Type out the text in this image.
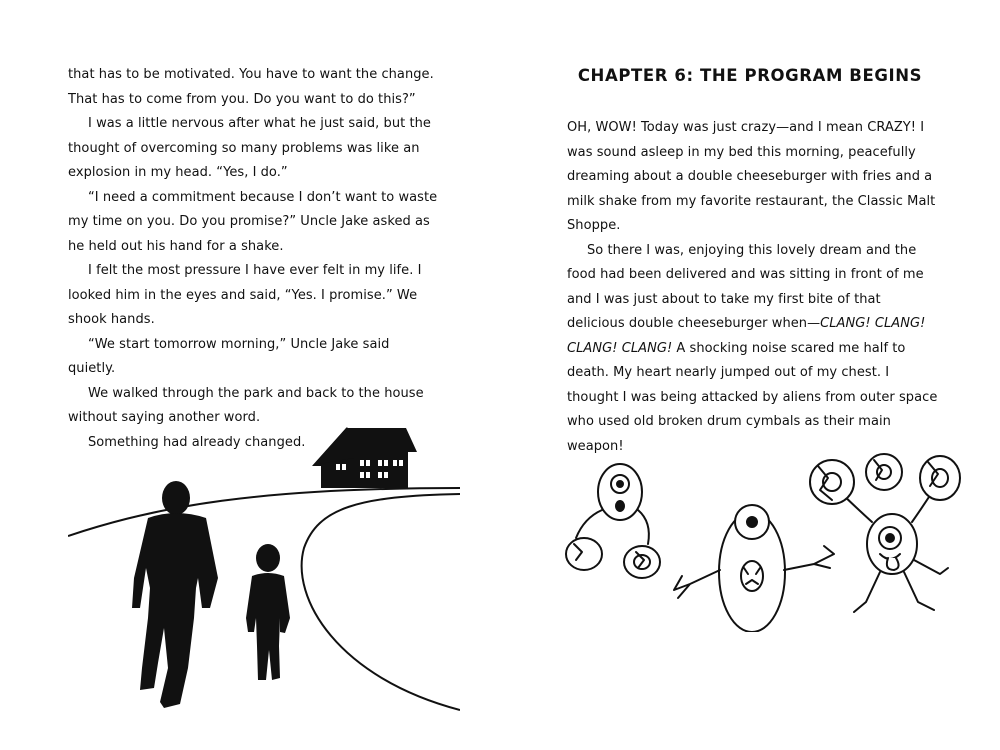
that has to be motivated. You have to want the change. That has to come from you. Do you want to do this?”

I was a little nervous after what he just said, but the thought of overcoming so many problems was like an explosion in my head. “Yes, I do.”

“I need a commitment because I don’t want to waste my time on you. Do you promise?” Uncle Jake asked as he held out his hand for a shake.

I felt the most pressure I have ever felt in my life. I looked him in the eyes and said, “Yes. I promise.” We shook hands.

“We start tomorrow morning,” Uncle Jake said quietly.

We walked through the park and back to the house without saying another word.

Something had already changed.

CHAPTER 6: THE PROGRAM BEGINS

OH, WOW! Today was just crazy—and I mean CRAZY! I was sound asleep in my bed this morning, peacefully dreaming about a double cheeseburger with fries and a milk shake from my favorite restaurant, the Classic Malt Shoppe.

So there I was, enjoying this lovely dream and the food had been delivered and was sitting in front of me and I was just about to take my first bite of that delicious double cheeseburger when—CLANG! CLANG! CLANG! CLANG! A shocking noise scared me half to death. My heart nearly jumped out of my chest. I thought I was being attacked by aliens from outer space who used old broken drum cymbals as their main weapon!
